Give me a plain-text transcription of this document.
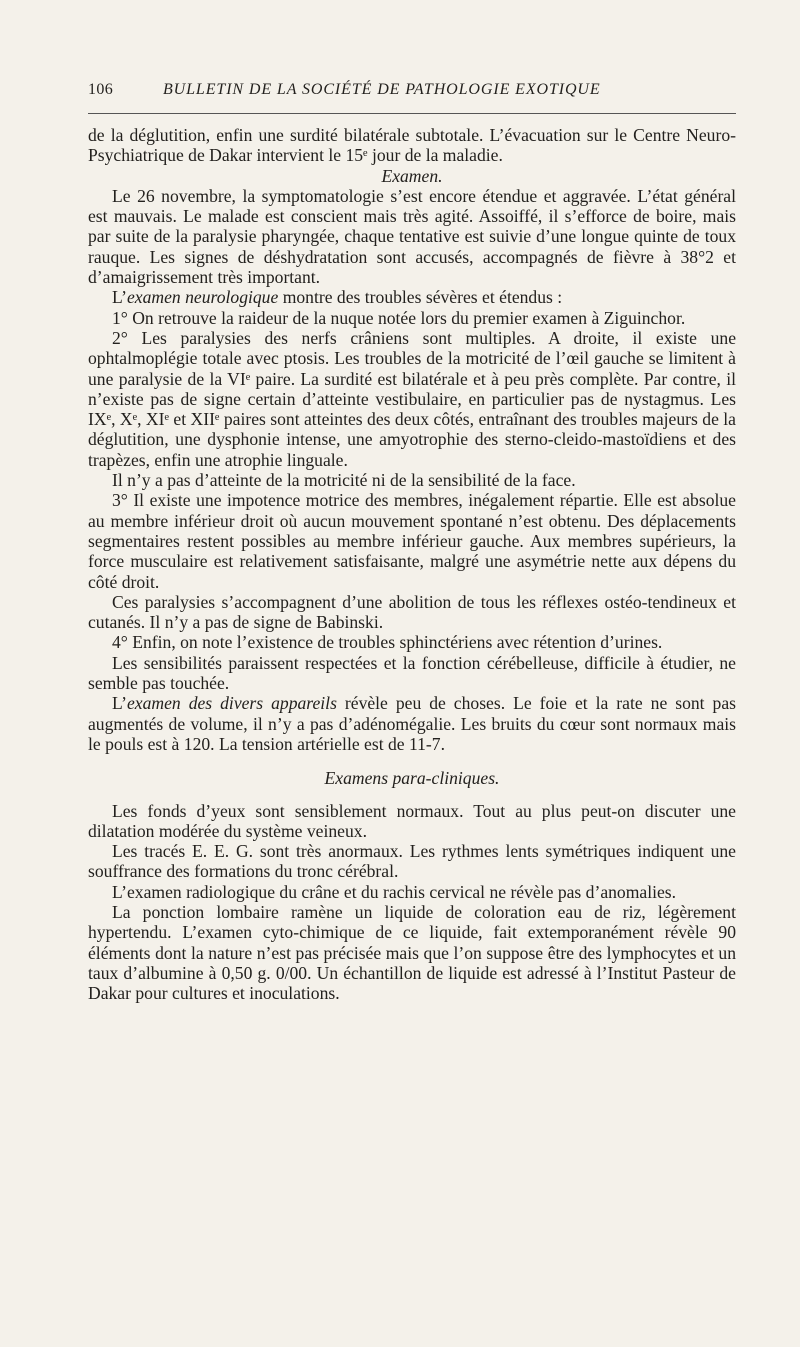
106	BULLETIN DE LA SOCIÉTÉ DE PATHOLOGIE EXOTIQUE

de la déglutition, enfin une surdité bilatérale subtotale. L’évacuation sur le Centre Neuro-Psychiatrique de Dakar intervient le 15ᵉ jour de la maladie.

Examen.

Le 26 novembre, la symptomatologie s’est encore étendue et aggravée. L’état général est mauvais. Le malade est conscient mais très agité. Assoiffé, il s’efforce de boire, mais par suite de la paralysie pharyngée, chaque tentative est suivie d’une longue quinte de toux rauque. Les signes de déshydratation sont accusés, accompagnés de fièvre à 38°2 et d’amaigrissement très important.

L’examen neurologique montre des troubles sévères et étendus :

1° On retrouve la raideur de la nuque notée lors du premier examen à Ziguinchor.

2° Les paralysies des nerfs crâniens sont multiples. A droite, il existe une ophtalmoplégie totale avec ptosis. Les troubles de la motricité de l’œil gauche se limitent à une paralysie de la VIᵉ paire. La surdité est bilatérale et à peu près complète. Par contre, il n’existe pas de signe certain d’atteinte vestibulaire, en particulier pas de nystagmus. Les IXᵉ, Xᵉ, XIᵉ et XIIᵉ paires sont atteintes des deux côtés, entraînant des troubles majeurs de la déglutition, une dysphonie intense, une amyotrophie des sterno-cleido-mastoïdiens et des trapèzes, enfin une atrophie linguale.

Il n’y a pas d’atteinte de la motricité ni de la sensibilité de la face.

3° Il existe une impotence motrice des membres, inégalement répartie. Elle est absolue au membre inférieur droit où aucun mouvement spontané n’est obtenu. Des déplacements segmentaires restent possibles au membre inférieur gauche. Aux membres supérieurs, la force musculaire est relativement satisfaisante, malgré une asymétrie nette aux dépens du côté droit.

Ces paralysies s’accompagnent d’une abolition de tous les réflexes ostéo-tendineux et cutanés. Il n’y a pas de signe de Babinski.

4° Enfin, on note l’existence de troubles sphinctériens avec rétention d’urines.

Les sensibilités paraissent respectées et la fonction cérébelleuse, difficile à étudier, ne semble pas touchée.

L’examen des divers appareils révèle peu de choses. Le foie et la rate ne sont pas augmentés de volume, il n’y a pas d’adénomégalie. Les bruits du cœur sont normaux mais le pouls est à 120. La tension artérielle est de 11-7.

Examens para-cliniques.

Les fonds d’yeux sont sensiblement normaux. Tout au plus peut-on discuter une dilatation modérée du système veineux.

Les tracés E. E. G. sont très anormaux. Les rythmes lents symétriques indiquent une souffrance des formations du tronc cérébral.

L’examen radiologique du crâne et du rachis cervical ne révèle pas d’anomalies.

La ponction lombaire ramène un liquide de coloration eau de riz, légèrement hypertendu. L’examen cyto-chimique de ce liquide, fait extemporanément révèle 90 éléments dont la nature n’est pas précisée mais que l’on suppose être des lymphocytes et un taux d’albumine à 0,50 g. 0/00. Un échantillon de liquide est adressé à l’Institut Pasteur de Dakar pour cultures et inoculations.
